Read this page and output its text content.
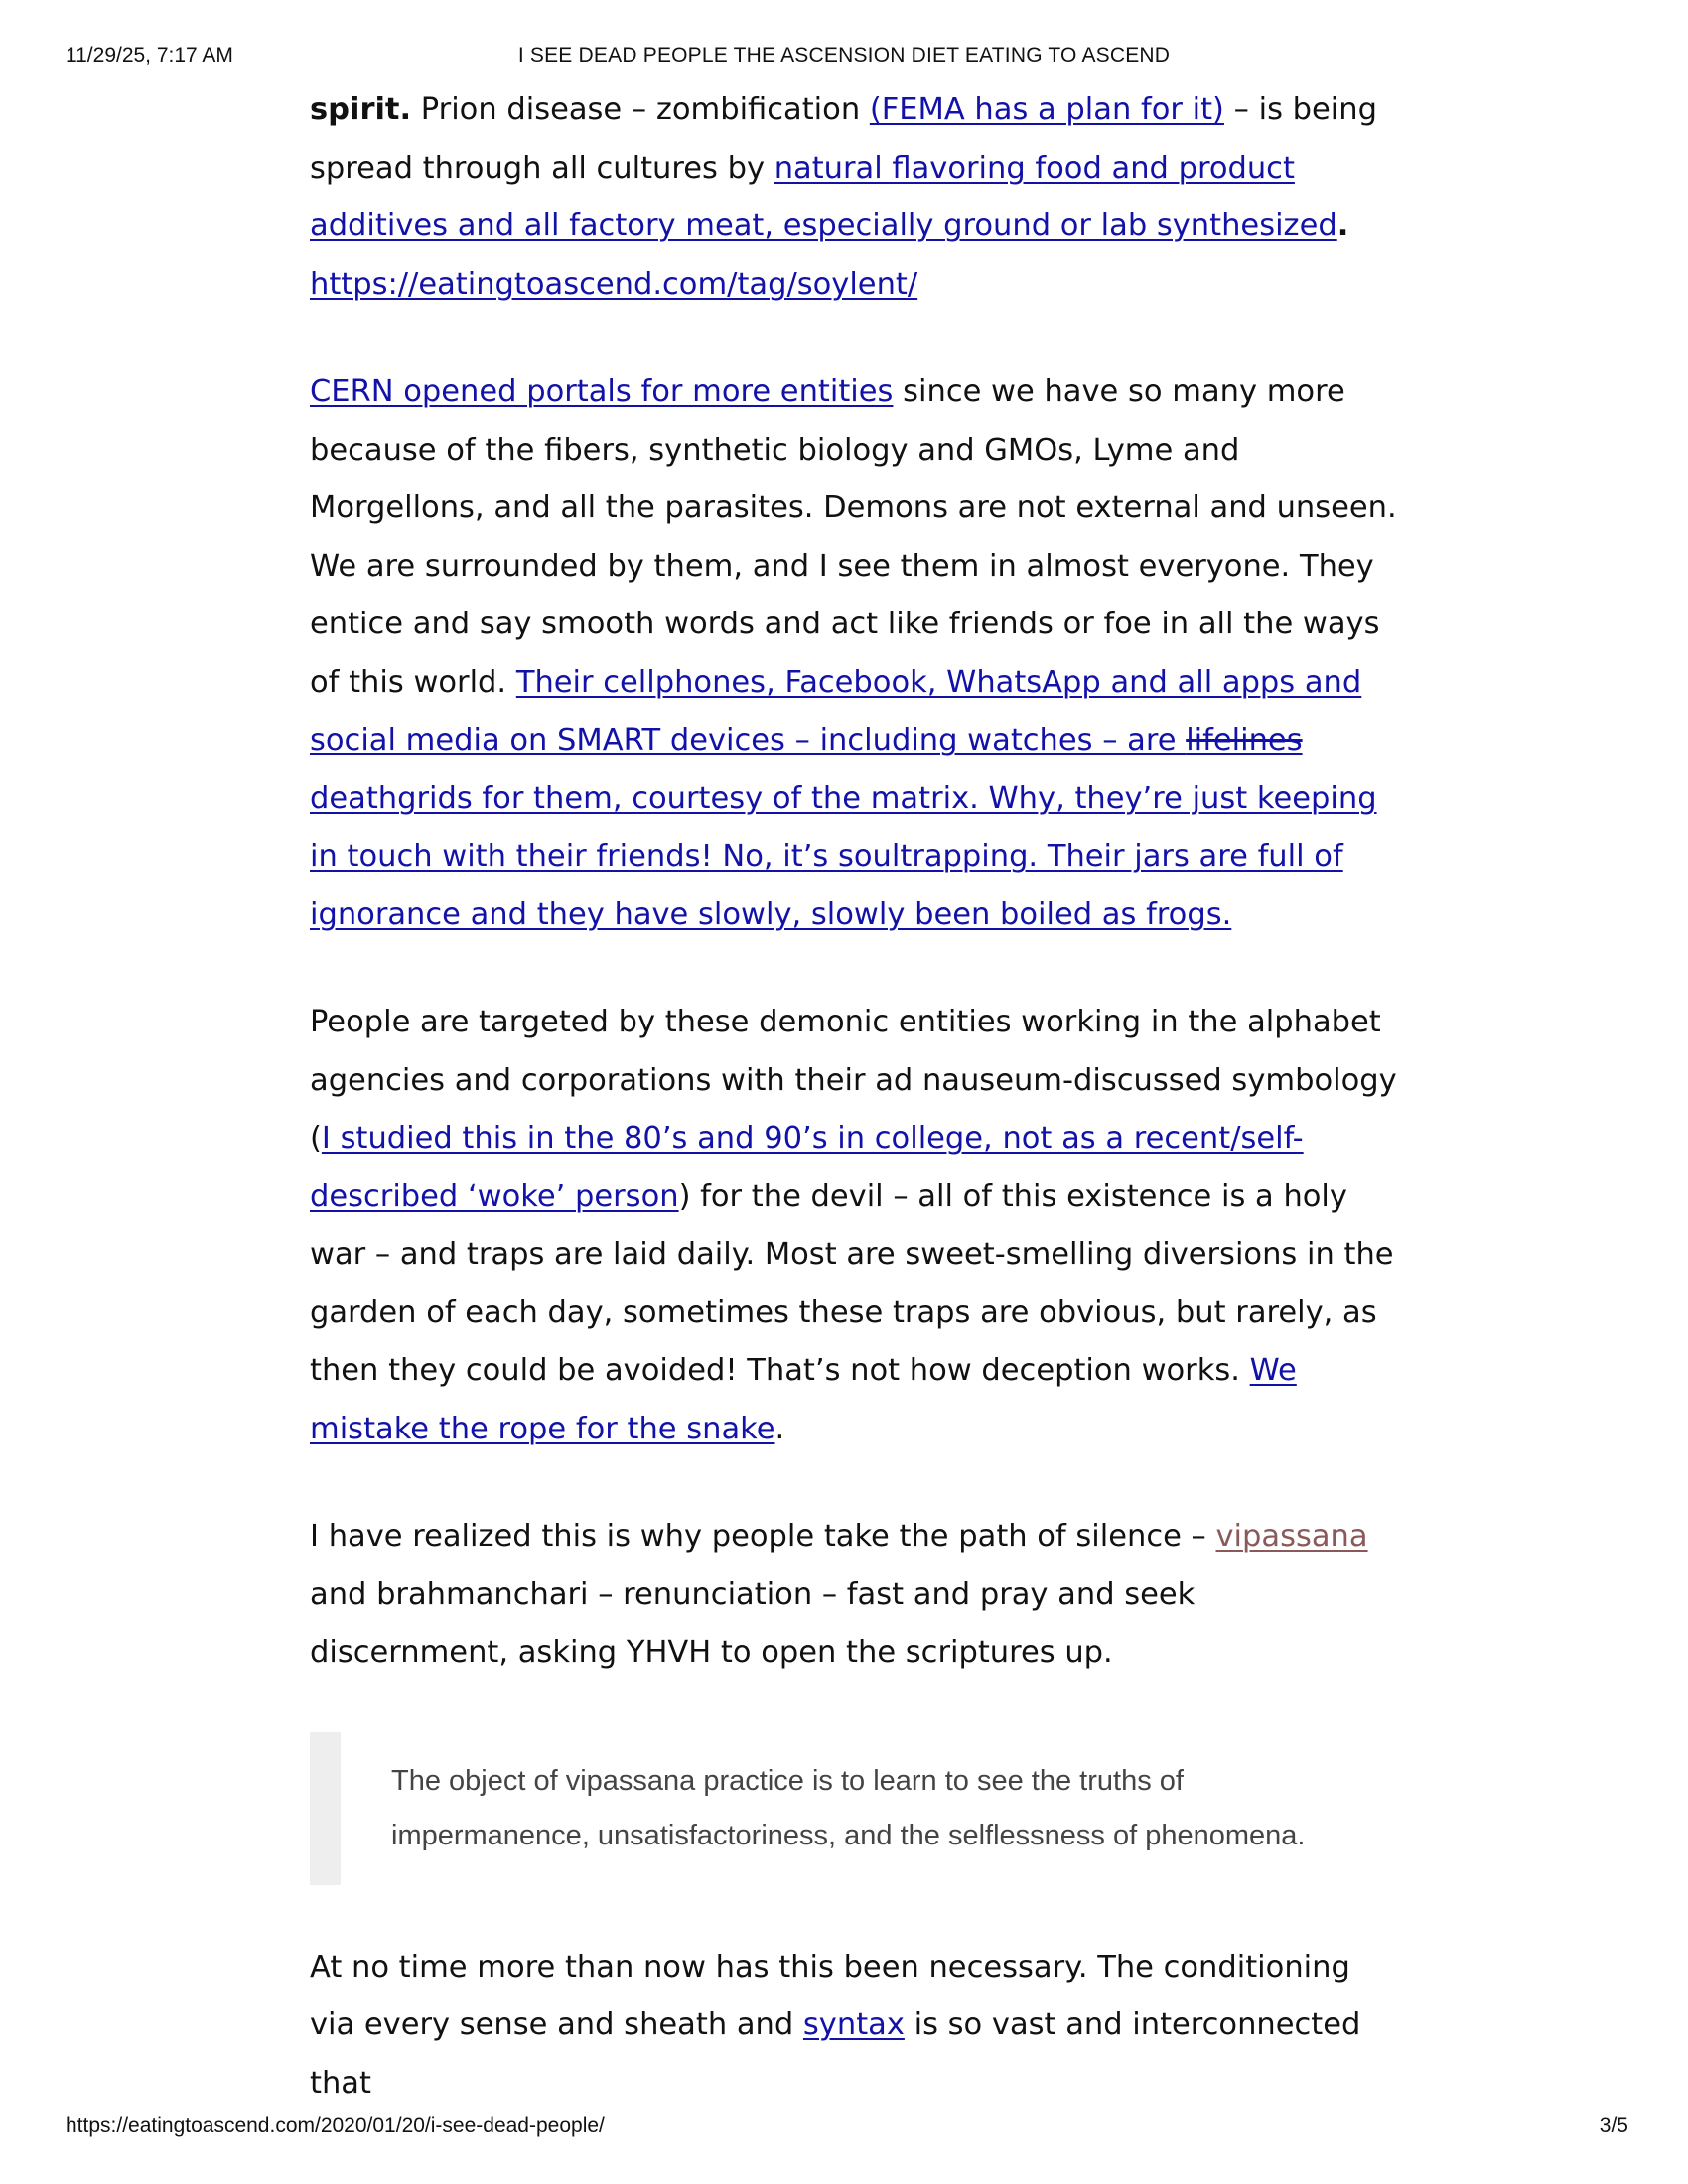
11/29/25, 7:17 AM	I SEE DEAD PEOPLE THE ASCENSION DIET EATING TO ASCEND

spirit. Prion disease – zombification (FEMA has a plan for it) – is being spread through all cultures by natural flavoring food and product additives and all factory meat, especially ground or lab synthesized.
https://eatingtoascend.com/tag/soylent/

CERN opened portals for more entities since we have so many more because of the fibers, synthetic biology and GMOs, Lyme and Morgellons, and all the parasites. Demons are not external and unseen. We are surrounded by them, and I see them in almost everyone. They entice and say smooth words and act like friends or foe in all the ways of this world. Their cellphones, Facebook, WhatsApp and all apps and social media on SMART devices – including watches – are lifelines deathgrids for them, courtesy of the matrix. Why, they’re just keeping in touch with their friends! No, it’s soultrapping. Their jars are full of ignorance and they have slowly, slowly been boiled as frogs.

People are targeted by these demonic entities working in the alphabet agencies and corporations with their ad nauseum-discussed symbology (I studied this in the 80’s and 90’s in college, not as a recent/self-described ‘woke’ person) for the devil – all of this existence is a holy war – and traps are laid daily. Most are sweet-smelling diversions in the garden of each day, sometimes these traps are obvious, but rarely, as then they could be avoided! That’s not how deception works. We mistake the rope for the snake.

I have realized this is why people take the path of silence – vipassana and brahmanchari – renunciation – fast and pray and seek discernment, asking YHVH to open the scriptures up.

The object of vipassana practice is to learn to see the truths of impermanence, unsatisfactoriness, and the selflessness of phenomena.

At no time more than now has this been necessary. The conditioning via every sense and sheath and syntax is so vast and interconnected that

https://eatingtoascend.com/2020/01/20/i-see-dead-people/	3/5
